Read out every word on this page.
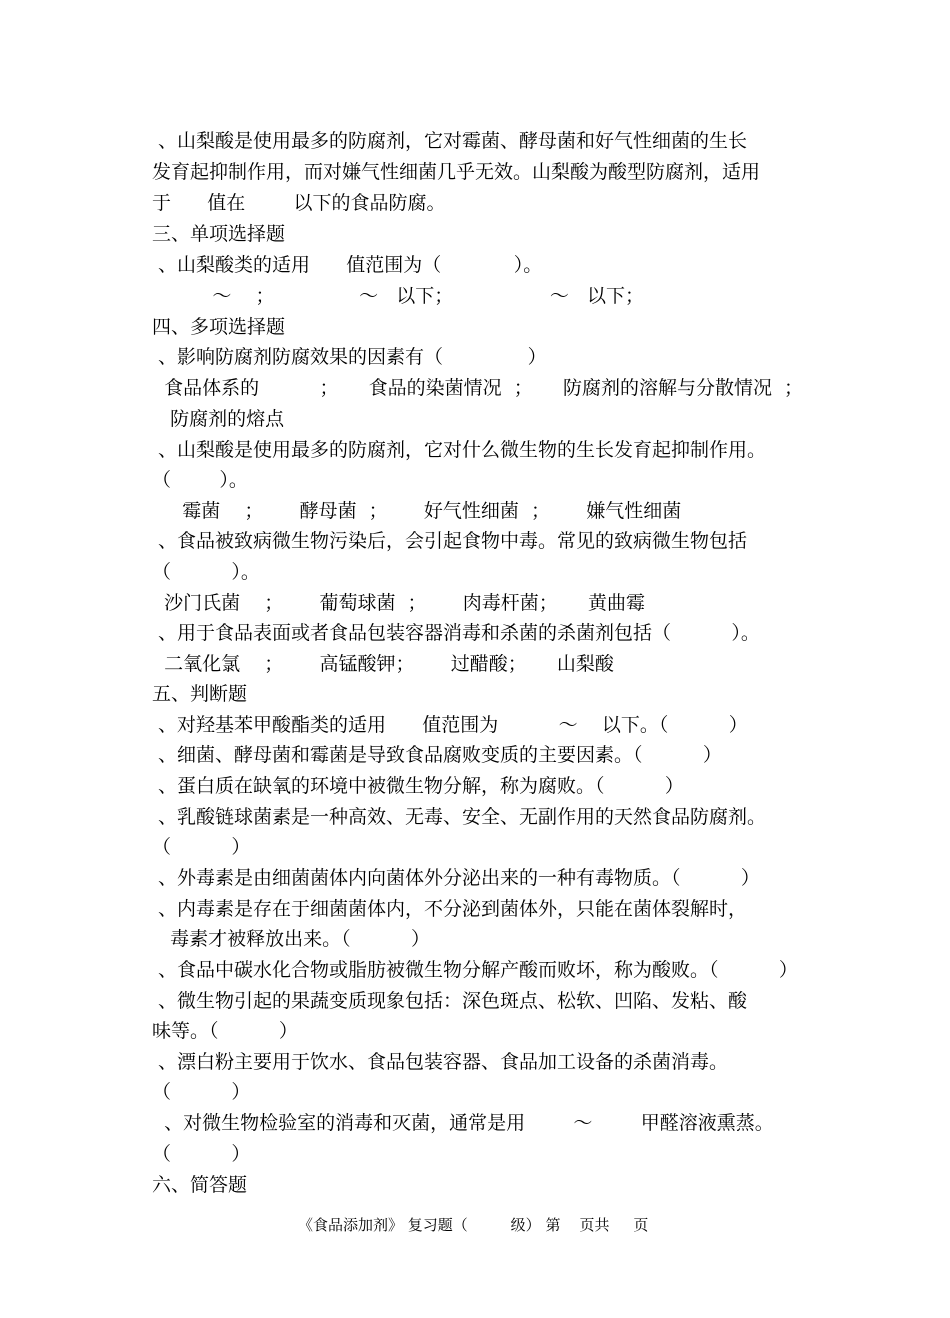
、山梨酸是使用最多的防腐剂，它对霉菌、酵母菌和好气性细菌的生长
发育起抑制作用，而对嫌气性细菌几乎无效。山梨酸为酸型防腐剂，适用
于      值在        以下的食品防腐。
三、单项选择题
、山梨酸类的适用      值范围为（            ）。
～    ；              ～   以下；                ～   以下；
四、多项选择题
、影响防腐剂防腐效果的因素有（              ）
食品体系的          ；     食品的染菌情况  ；     防腐剂的溶解与分散情况  ；
防腐剂的熔点
、山梨酸是使用最多的防腐剂，它对什么微生物的生长发育起抑制作用。
（        ）。
霉菌    ；      酵母菌  ；      好气性细菌  ；      嫌气性细菌
、食品被致病微生物污染后，会引起食物中毒。常见的致病微生物包括
（          ）。
沙门氏菌    ；      葡萄球菌  ；      肉毒杆菌；     黄曲霉
、用于食品表面或者食品包装容器消毒和杀菌的杀菌剂包括（          ）。
二氧化氯    ；      高锰酸钾；      过醋酸；     山梨酸
五、判断题
、对羟基苯甲酸酯类的适用      值范围为          ～    以下。（          ）
、细菌、酵母菌和霉菌是导致食品腐败变质的主要因素。（          ）
、蛋白质在缺氧的环境中被微生物分解，称为腐败。（          ）
、乳酸链球菌素是一种高效、无毒、安全、无副作用的天然食品防腐剂。
（          ）
、外毒素是由细菌菌体内向菌体外分泌出来的一种有毒物质。（          ）
、内毒素是存在于细菌菌体内，不分泌到菌体外，只能在菌体裂解时，
毒素才被释放出来。（          ）
、食品中碳水化合物或脂肪被微生物分解产酸而败坏，称为酸败。（          ）
、微生物引起的果蔬变质现象包括：深色斑点、松软、凹陷、发粘、酸
味等。（          ）
、漂白粉主要用于饮水、食品包装容器、食品加工设备的杀菌消毒。
（          ）
、对微生物检验室的消毒和灭菌，通常是用        ～        甲醛溶液熏蒸。
（          ）
六、简答题
《食品添加剂》 复习题（         级） 第    页共     页
